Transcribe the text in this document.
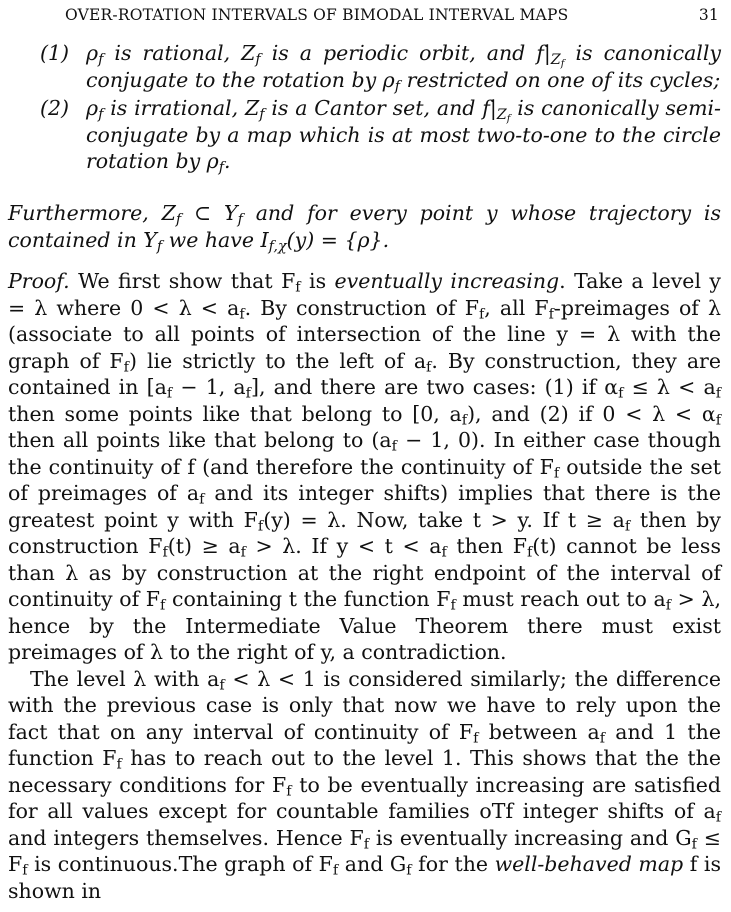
OVER-ROTATION INTERVALS OF BIMODAL INTERVAL MAPS	31
(1) $\rho_f$ is rational, $Z_f$ is a periodic orbit, and $f|_{Z_f}$ is canonically conjugate to the rotation by $\rho_f$ restricted on one of its cycles;
(2) $\rho_f$ is irrational, $Z_f$ is a Cantor set, and $f|_{Z_f}$ is canonically semi-conjugate by a map which is at most two-to-one to the circle rotation by $\rho_f$.
Furthermore, $Z_f$ ⊂ $Y_f$ and for every point y whose trajectory is contained in $Y_f$ we have $I_{f,\chi}(y) = \{\rho\}$.

Proof. We first show that $F_f$ is eventually increasing. Take a level y = λ where $0 < \lambda < a_f$. By construction of $F_f$, all $F_f$-preimages of λ (associate to all points of intersection of the line y = λ with the graph of $F_f$) lie strictly to the left of $a_f$. By construction, they are contained in [$a_f - 1$, $a_f$], and there are two cases: (1) if $\alpha_f \le \lambda < a_f$ then some points like that belong to [0, $a_f$), and (2) if $0 < \lambda < \alpha_f$ then all points like that belong to ($a_f - 1$, 0). In either case though the continuity of f (and therefore the continuity of $F_f$ outside the set of preimages of $a_f$ and its integer shifts) implies that there is the greatest point y with $F_f(y) = \lambda$. Now, take t > y. If $t \ge a_f$ then by construction $F_f(t) \ge a_f > \lambda$. If $y < t < a_f$ then $F_f(t)$ cannot be less than λ as by construction at the right endpoint of the interval of continuity of $F_f$ containing t the function $F_f$ must reach out to $a_f > \lambda$, hence by the Intermediate Value Theorem there must exist preimages of λ to the right of y, a contradiction.

The level λ with $a_f < \lambda < 1$ is considered similarly; the difference with the previous case is only that now we have to rely upon the fact that on any interval of continuity of $F_f$ between $a_f$ and 1 the function $F_f$ has to reach out to the level 1. This shows that the the necessary conditions for $F_f$ to be eventually increasing are satisfied for all values except for countable families oTf integer shifts of $a_f$ and integers themselves. Hence $F_f$ is eventually increasing and $G_f \le F_f$ is continuous.The graph of $F_f$ and $G_f$ for the well-behaved map f is shown in
